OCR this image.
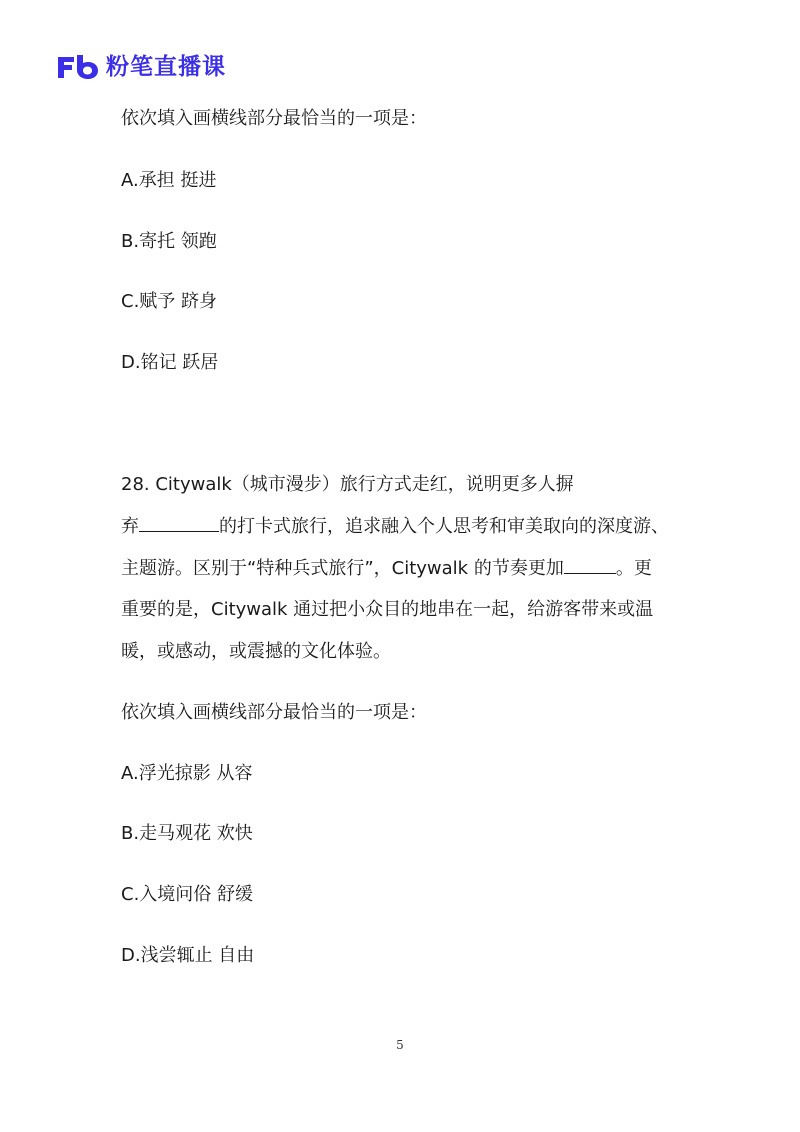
粉笔直播课
依次填入画横线部分最恰当的一项是：
A.承担 挺进
B.寄托 领跑
C.赋予 跻身
D.铭记 跃居
28. Citywalk（城市漫步）旅行方式走红，说明更多人摒
弃	的打卡式旅行，追求融入个人思考和审美取向的深度游、
主题游。区别于“特种兵式旅行”，Citywalk 的节奏更加	。更
重要的是，Citywalk 通过把小众目的地串在一起，给游客带来或温
暖，或感动，或震撼的文化体验。
依次填入画横线部分最恰当的一项是：
A.浮光掠影 从容
B.走马观花 欢快
C.入境问俗 舒缓
D.浅尝辄止 自由
5
